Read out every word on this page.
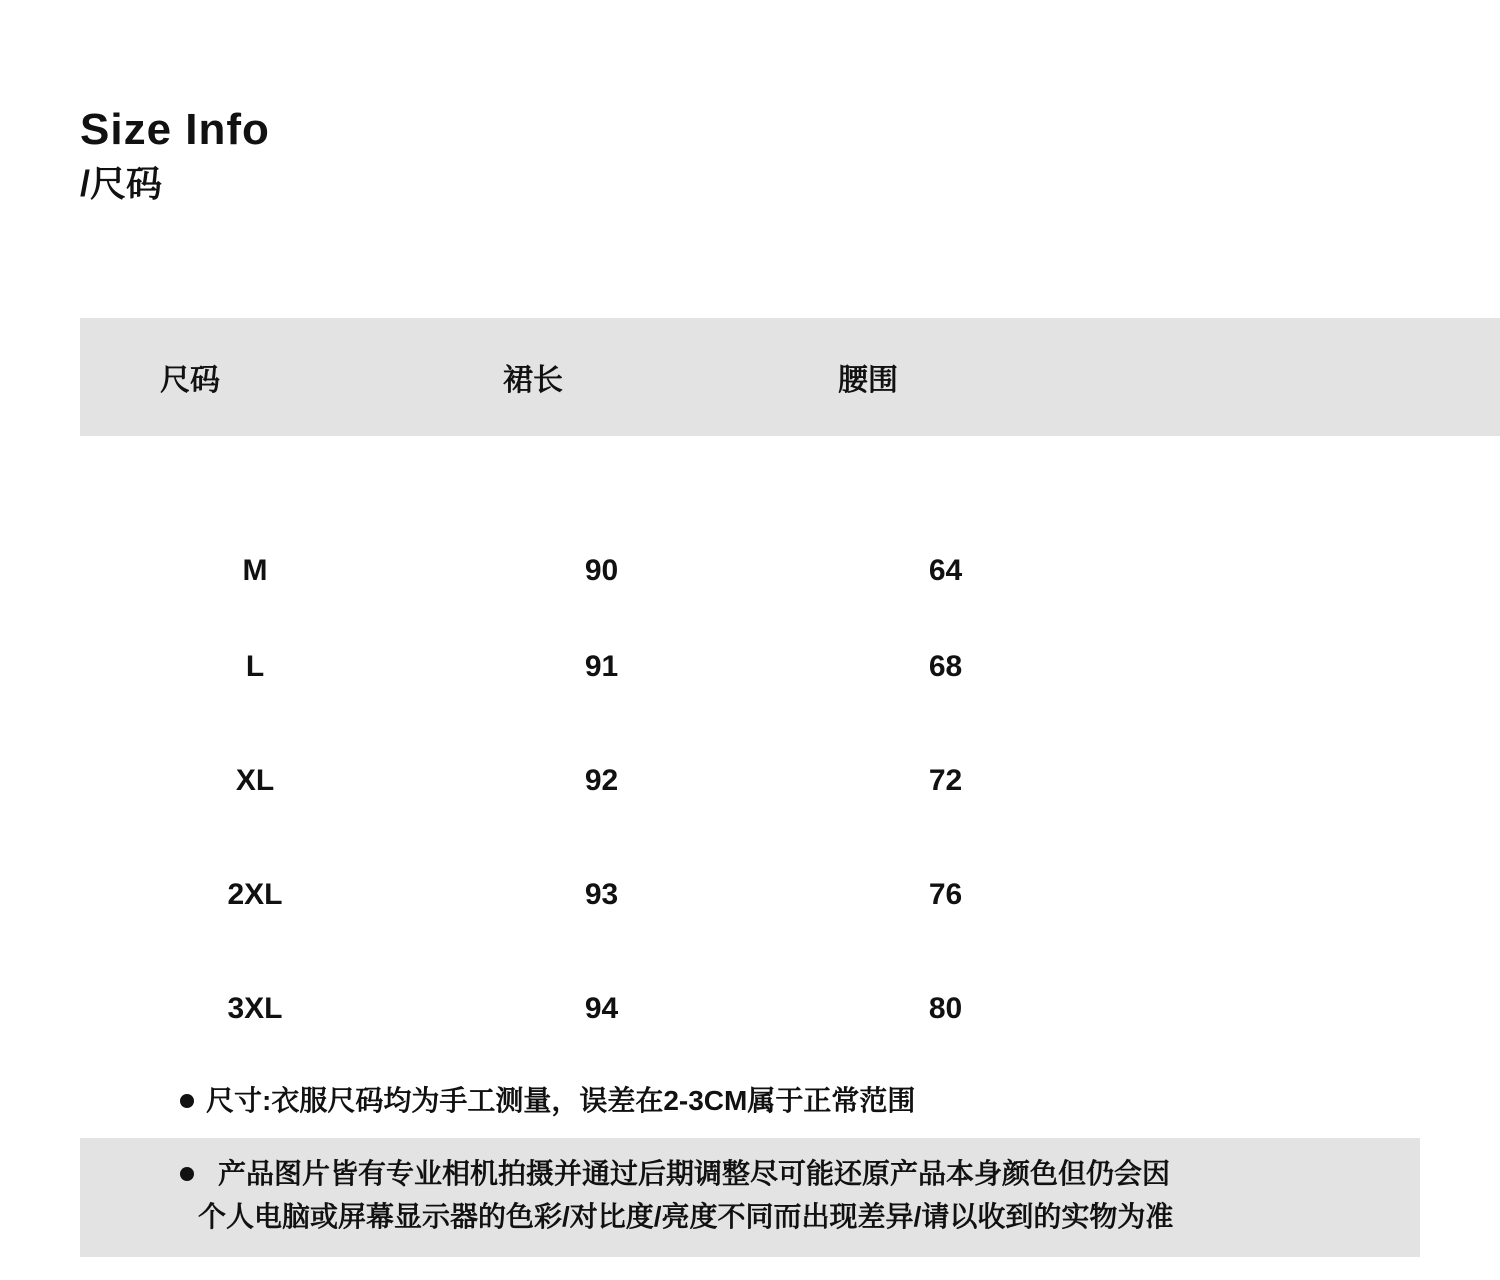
Size Info
/尺码
尺码	裙长	腰围	
M	90	64	
L	91	68	
XL	92	72	
2XL	93	76	
3XL	94	80	
尺寸:衣服尺码均为手工测量，误差在2-3CM属于正常范围
产品图片皆有专业相机拍摄并通过后期调整尽可能还原产品本身颜色但仍会因
个人电脑或屏幕显示器的色彩/对比度/亮度不同而出现差异/请以收到的实物为准
